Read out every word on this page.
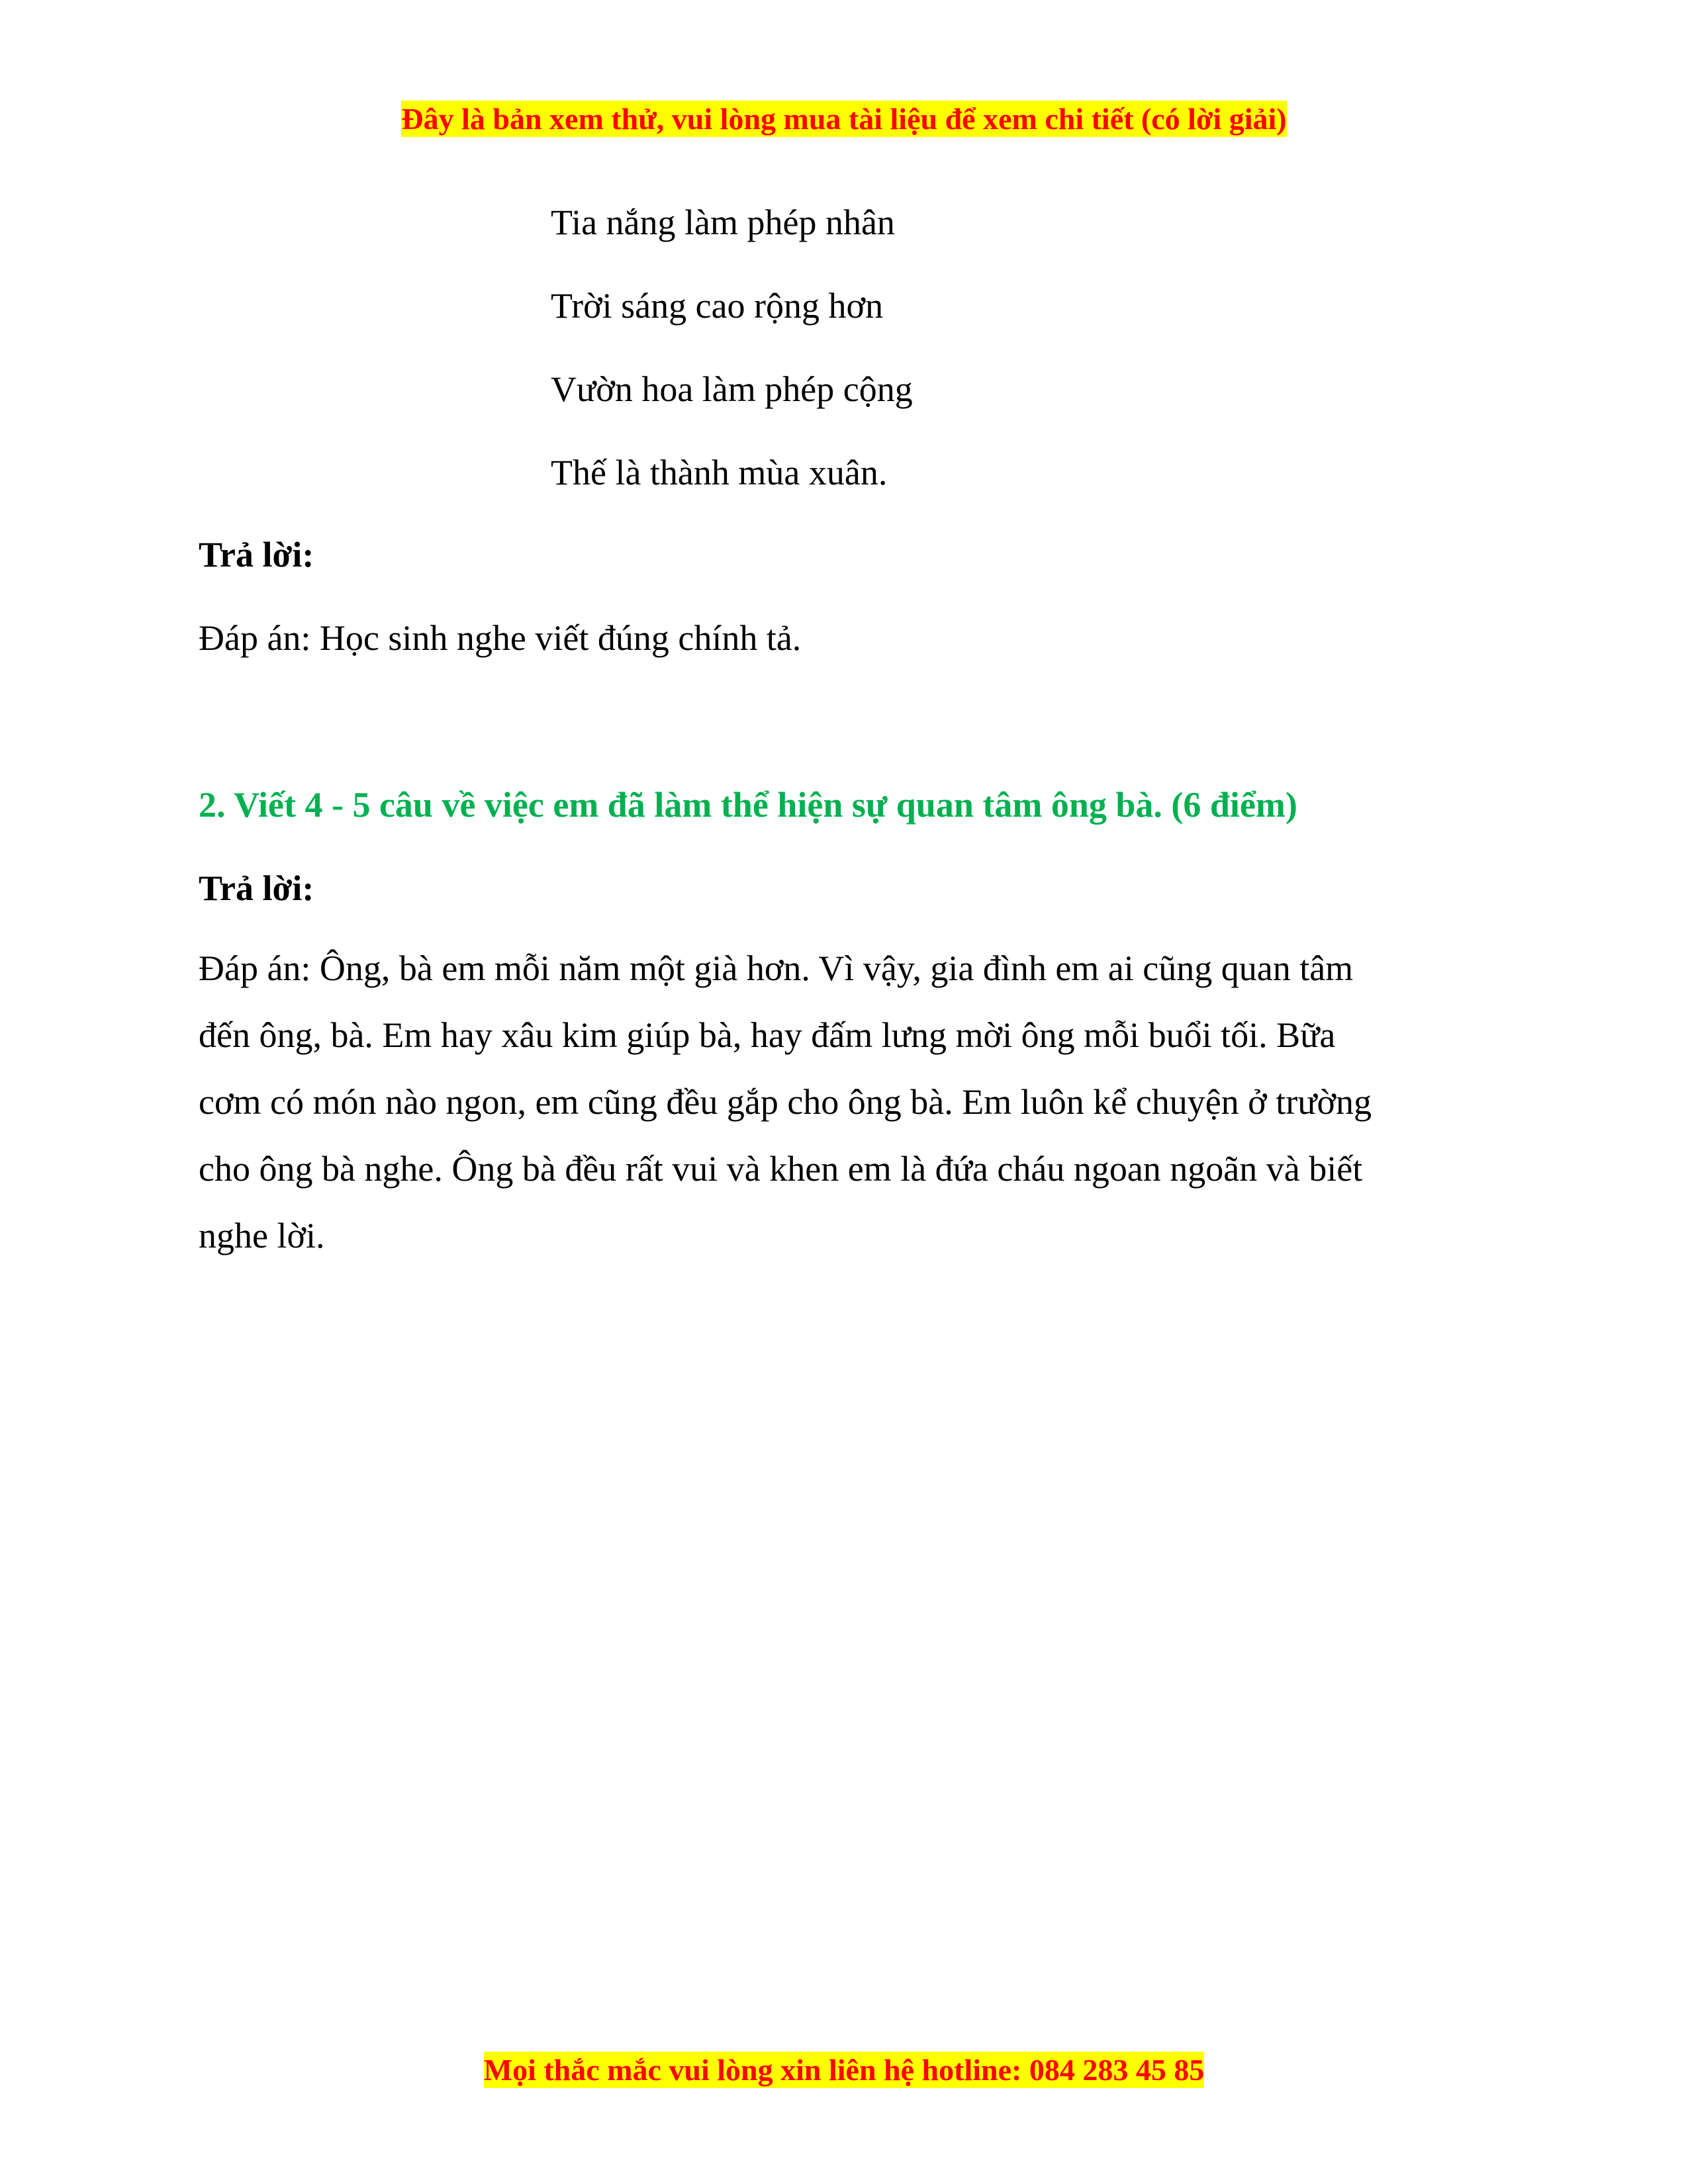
Đây là bản xem thử, vui lòng mua tài liệu để xem chi tiết (có lời giải)
Tia nắng làm phép nhân
Trời sáng cao rộng hơn
Vườn hoa làm phép cộng
Thế là thành mùa xuân.
Trả lời:
Đáp án: Học sinh nghe viết đúng chính tả.
2. Viết 4 - 5 câu về việc em đã làm thể hiện sự quan tâm ông bà. (6 điểm)
Trả lời:
Đáp án: Ông, bà em mỗi năm một già hơn. Vì vậy, gia đình em ai cũng quan tâm
đến ông, bà. Em hay xâu kim giúp bà, hay đấm lưng mời ông mỗi buổi tối. Bữa
cơm có món nào ngon, em cũng đều gắp cho ông bà. Em luôn kể chuyện ở trường
cho ông bà nghe. Ông bà đều rất vui và khen em là đứa cháu ngoan ngoãn và biết
nghe lời.
Mọi thắc mắc vui lòng xin liên hệ hotline: 084 283 45 85
